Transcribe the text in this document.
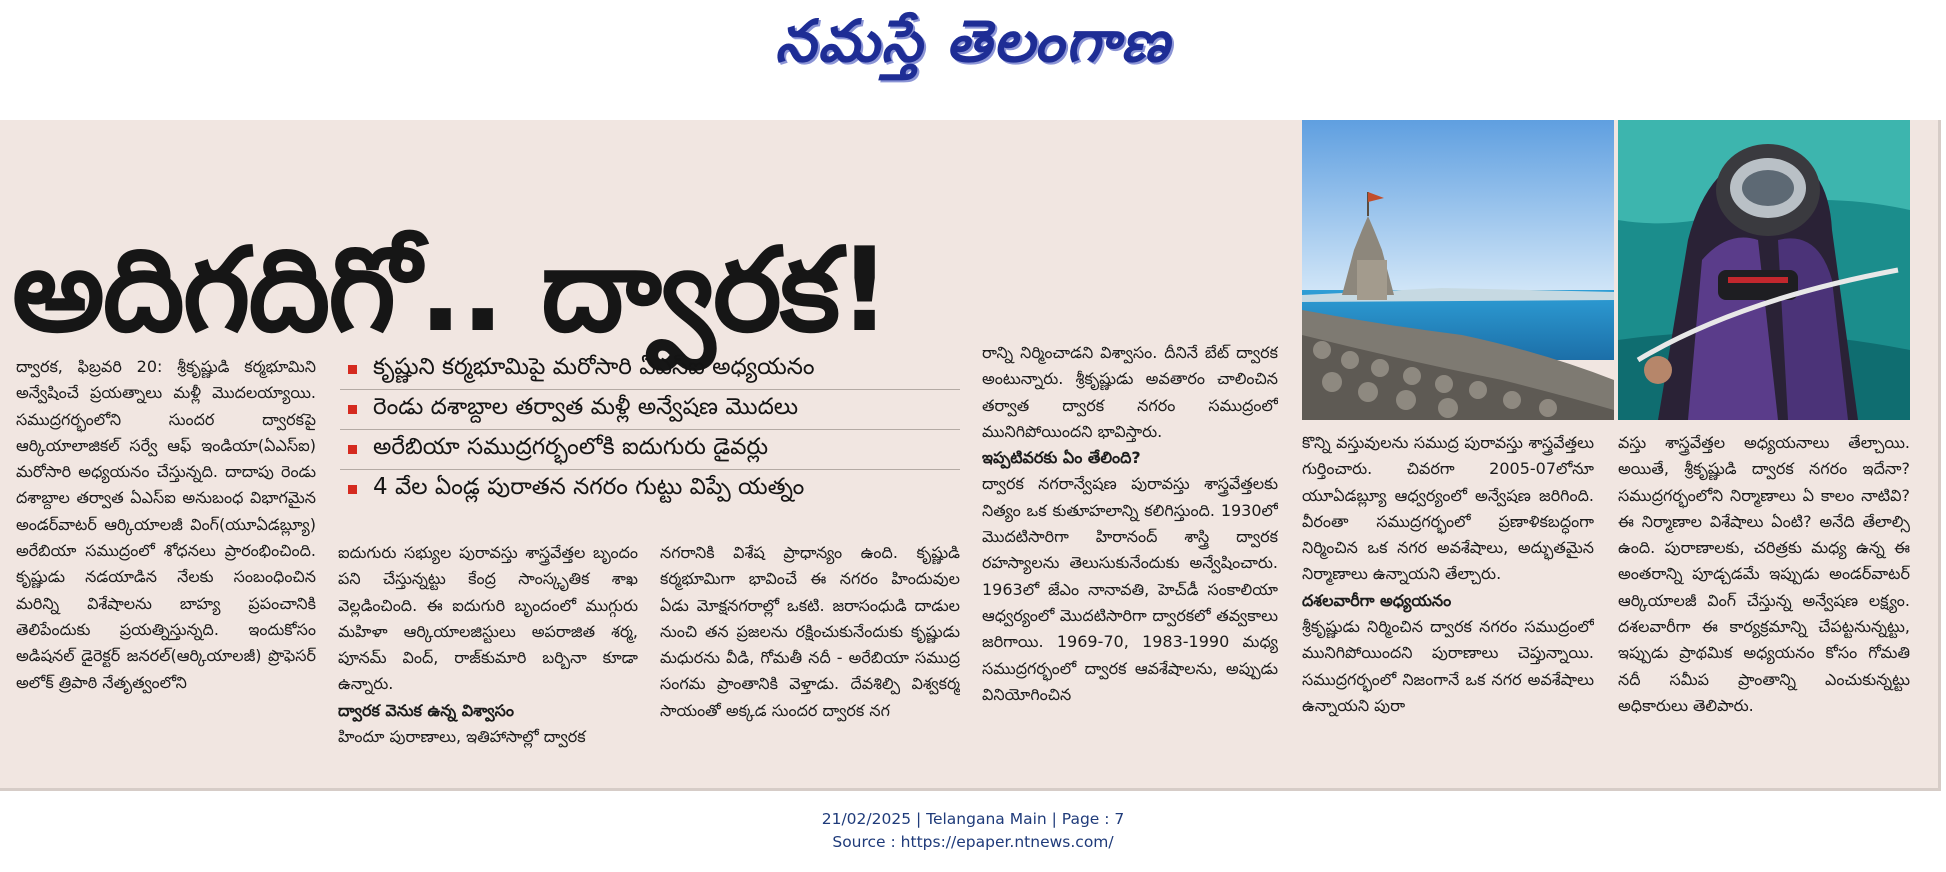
నమస్తే తెలంగాణ
అదిగదిగో.. ద్వారక!

ద్వారక, ఫిబ్రవరి 20: శ్రీకృష్ణుడి కర్మభూమిని అన్వేషించే ప్రయత్నాలు మళ్లీ మొదలయ్యాయి. సముద్రగర్భంలోని సుందర ద్వారకపై ఆర్కియాలాజికల్ సర్వే ఆఫ్ ఇండియా(ఏఎస్ఐ) మరోసారి అధ్యయనం చేస్తున్నది. దాదాపు రెండు దశాబ్దాల తర్వాత ఏఎస్ఐ అనుబంధ విభాగమైన అండర్‌వాటర్ ఆర్కియాలజీ వింగ్(యూఏడబ్ల్యూ) అరేబియా సముద్రంలో శోధనలు ప్రారంభించింది. కృష్ణుడు నడయాడిన నేలకు సంబంధించిన మరిన్ని విశేషాలను బాహ్య ప్రపంచానికి తెలిపేందుకు ప్రయత్నిస్తున్నది. ఇందుకోసం అడిషనల్ డైరెక్టర్ జనరల్(ఆర్కియాలజీ) ప్రొఫెసర్ అలోక్ త్రిపాఠి నేతృత్వంలోని

కృష్ణుని కర్మభూమిపై మరోసారి ఏఎస్ఐ అధ్యయనం
రెండు దశాబ్దాల తర్వాత మళ్లీ అన్వేషణ మొదలు
అరేబియా సముద్రగర్భంలోకి ఐదుగురు డైవర్లు
4 వేల ఏండ్ల పురాతన నగరం గుట్టు విప్పే యత్నం

ఐదుగురు సభ్యుల పురావస్తు శాస్త్రవేత్తల బృందం పని చేస్తున్నట్టు కేంద్ర సాంస్కృతిక శాఖ వెల్లడించింది. ఈ ఐదుగురి బృందంలో ముగ్గురు మహిళా ఆర్కియాలజిస్టులు అపరాజిత శర్మ, పూనమ్ వింద్, రాజ్‌కుమారి బర్బినా కూడా ఉన్నారు.

ద్వారక వెనుక ఉన్న విశ్వాసం

హిందూ పురాణాలు, ఇతిహాసాల్లో ద్వారక

నగరానికి విశేష ప్రాధాన్యం ఉంది. కృష్ణుడి కర్మభూమిగా భావించే ఈ నగరం హిందువుల ఏడు మోక్షనగరాల్లో ఒకటి. జరాసంధుడి దాడుల నుంచి తన ప్రజలను రక్షించుకునేందుకు కృష్ణుడు మధురను వీడి, గోమతీ నదీ - అరేబియా సముద్ర సంగమ ప్రాంతానికి వెళ్తాడు. దేవశిల్పి విశ్వకర్మ సాయంతో అక్కడ సుందర ద్వారక నగ

రాన్ని నిర్మించాడని విశ్వాసం. దీనినే బేట్ ద్వారక అంటున్నారు. శ్రీకృష్ణుడు అవతారం చాలించిన తర్వాత ద్వారక నగరం సముద్రంలో మునిగిపోయిందని భావిస్తారు.

ఇప్పటివరకు ఏం తేలింది?

ద్వారక నగరాన్వేషణ పురావస్తు శాస్త్రవేత్తలకు నిత్యం ఒక కుతూహలాన్ని కలిగిస్తుంది. 1930లో మొదటిసారిగా హిరానంద్ శాస్త్రి ద్వారక రహస్యాలను తెలుసుకునేందుకు అన్వేషించారు. 1963లో జేఎం నానావతి, హెచ్‌డీ సంకాలియా ఆధ్వర్యంలో మొదటిసారిగా ద్వారకలో తవ్వకాలు జరిగాయి. 1969-70, 1983-1990 మధ్య సముద్రగర్భంలో ద్వారక ఆవశేషాలను, అప్పుడు వినియోగించిన

కొన్ని వస్తువులను సముద్ర పురావస్తు శాస్త్రవేత్తలు గుర్తించారు. చివరగా 2005-07లోనూ యూఏడబ్ల్యూ ఆధ్వర్యంలో అన్వేషణ జరిగింది. వీరంతా సముద్రగర్భంలో ప్రణాళికబద్ధంగా నిర్మించిన ఒక నగర అవశేషాలు, అద్భుతమైన నిర్మాణాలు ఉన్నాయని తేల్చారు.

దశలవారీగా అధ్యయనం

శ్రీకృష్ణుడు నిర్మించిన ద్వారక నగరం సముద్రంలో మునిగిపోయిందని పురాణాలు చెప్తున్నాయి. సముద్రగర్భంలో నిజంగానే ఒక నగర అవశేషాలు ఉన్నాయని పురా

వస్తు శాస్త్రవేత్తల అధ్యయనాలు తేల్చాయి. అయితే, శ్రీకృష్ణుడి ద్వారక నగరం ఇదేనా? సముద్రగర్భంలోని నిర్మాణాలు ఏ కాలం నాటివి? ఈ నిర్మాణాల విశేషాలు ఏంటి? అనేది తేలాల్సి ఉంది. పురాణాలకు, చరిత్రకు మధ్య ఉన్న ఈ అంతరాన్ని పూడ్చడమే ఇప్పుడు అండర్‌వాటర్ ఆర్కియాలజీ వింగ్ చేస్తున్న అన్వేషణ లక్ష్యం. దశలవారీగా ఈ కార్యక్రమాన్ని చేపట్టనున్నట్టు, ఇప్పుడు ప్రాథమిక అధ్యయనం కోసం గోమతి నదీ సమీప ప్రాంతాన్ని ఎంచుకున్నట్టు అధికారులు తెలిపారు.

21/02/2025 | Telangana Main | Page : 7
Source : https://epaper.ntnews.com/
